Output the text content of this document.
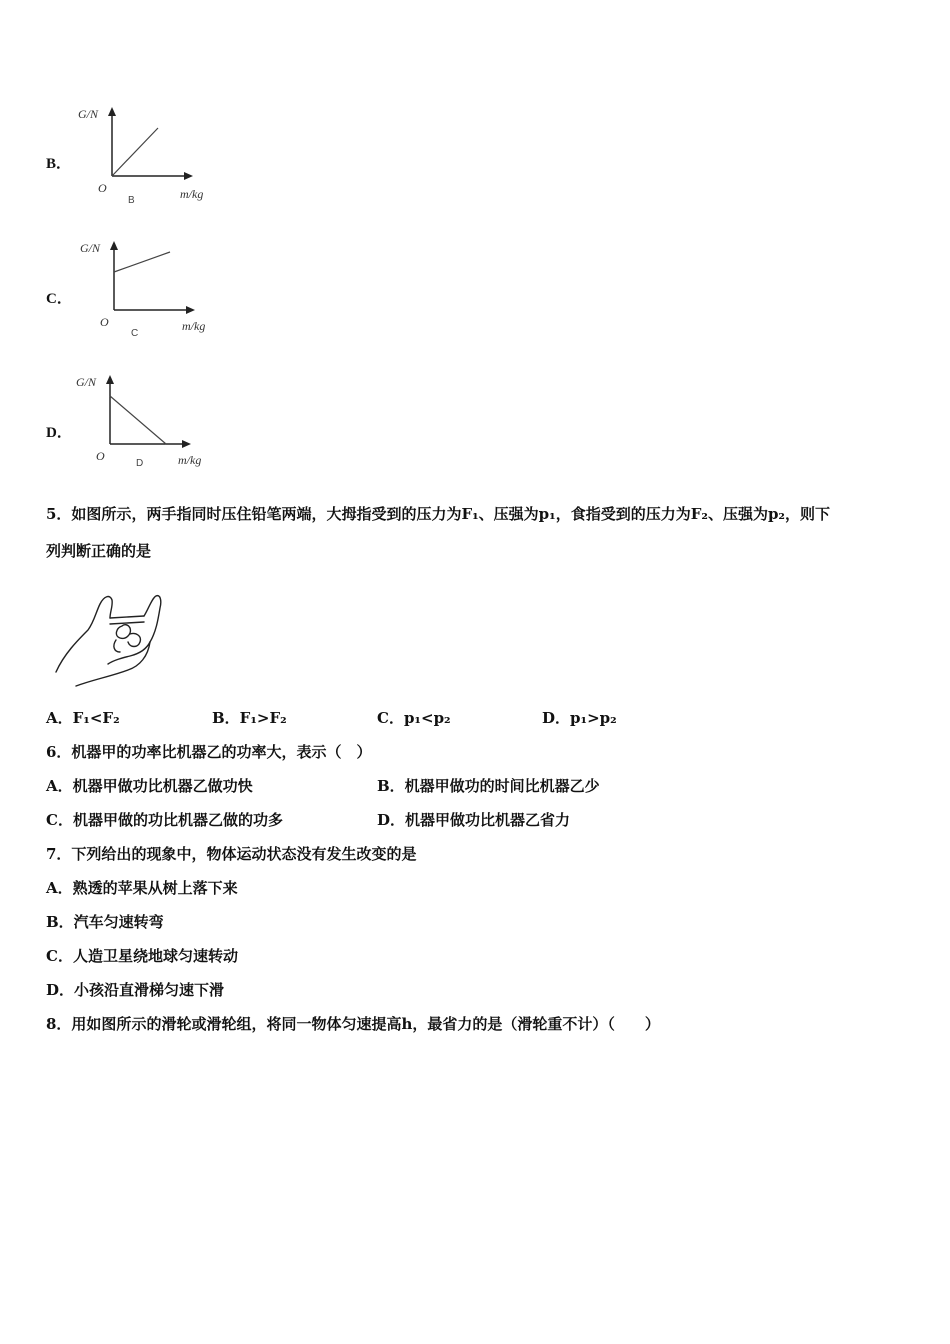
B．
G/N
O	m/kg
B
C．
G/N
O	m/kg
C
D．
G/N
O	m/kg
D
5．如图所示，两手指同时压住铅笔两端，大拇指受到的压力为F₁、压强为p₁，食指受到的压力为F₂、压强为p₂，则下
列判断正确的是
A．F₁<F₂	B．F₁>F₂	C．p₁<p₂	D．p₁>p₂
6．机器甲的功率比机器乙的功率大，表示（　）
A．机器甲做功比机器乙做功快	B．机器甲做功的时间比机器乙少
C．机器甲做的功比机器乙做的功多	D．机器甲做功比机器乙省力
7．下列给出的现象中，物体运动状态没有发生改变的是
A．熟透的苹果从树上落下来
B．汽车匀速转弯
C．人造卫星绕地球匀速转动
D．小孩沿直滑梯匀速下滑
8．用如图所示的滑轮或滑轮组，将同一物体匀速提高h，最省力的是（滑轮重不计）（　　）
